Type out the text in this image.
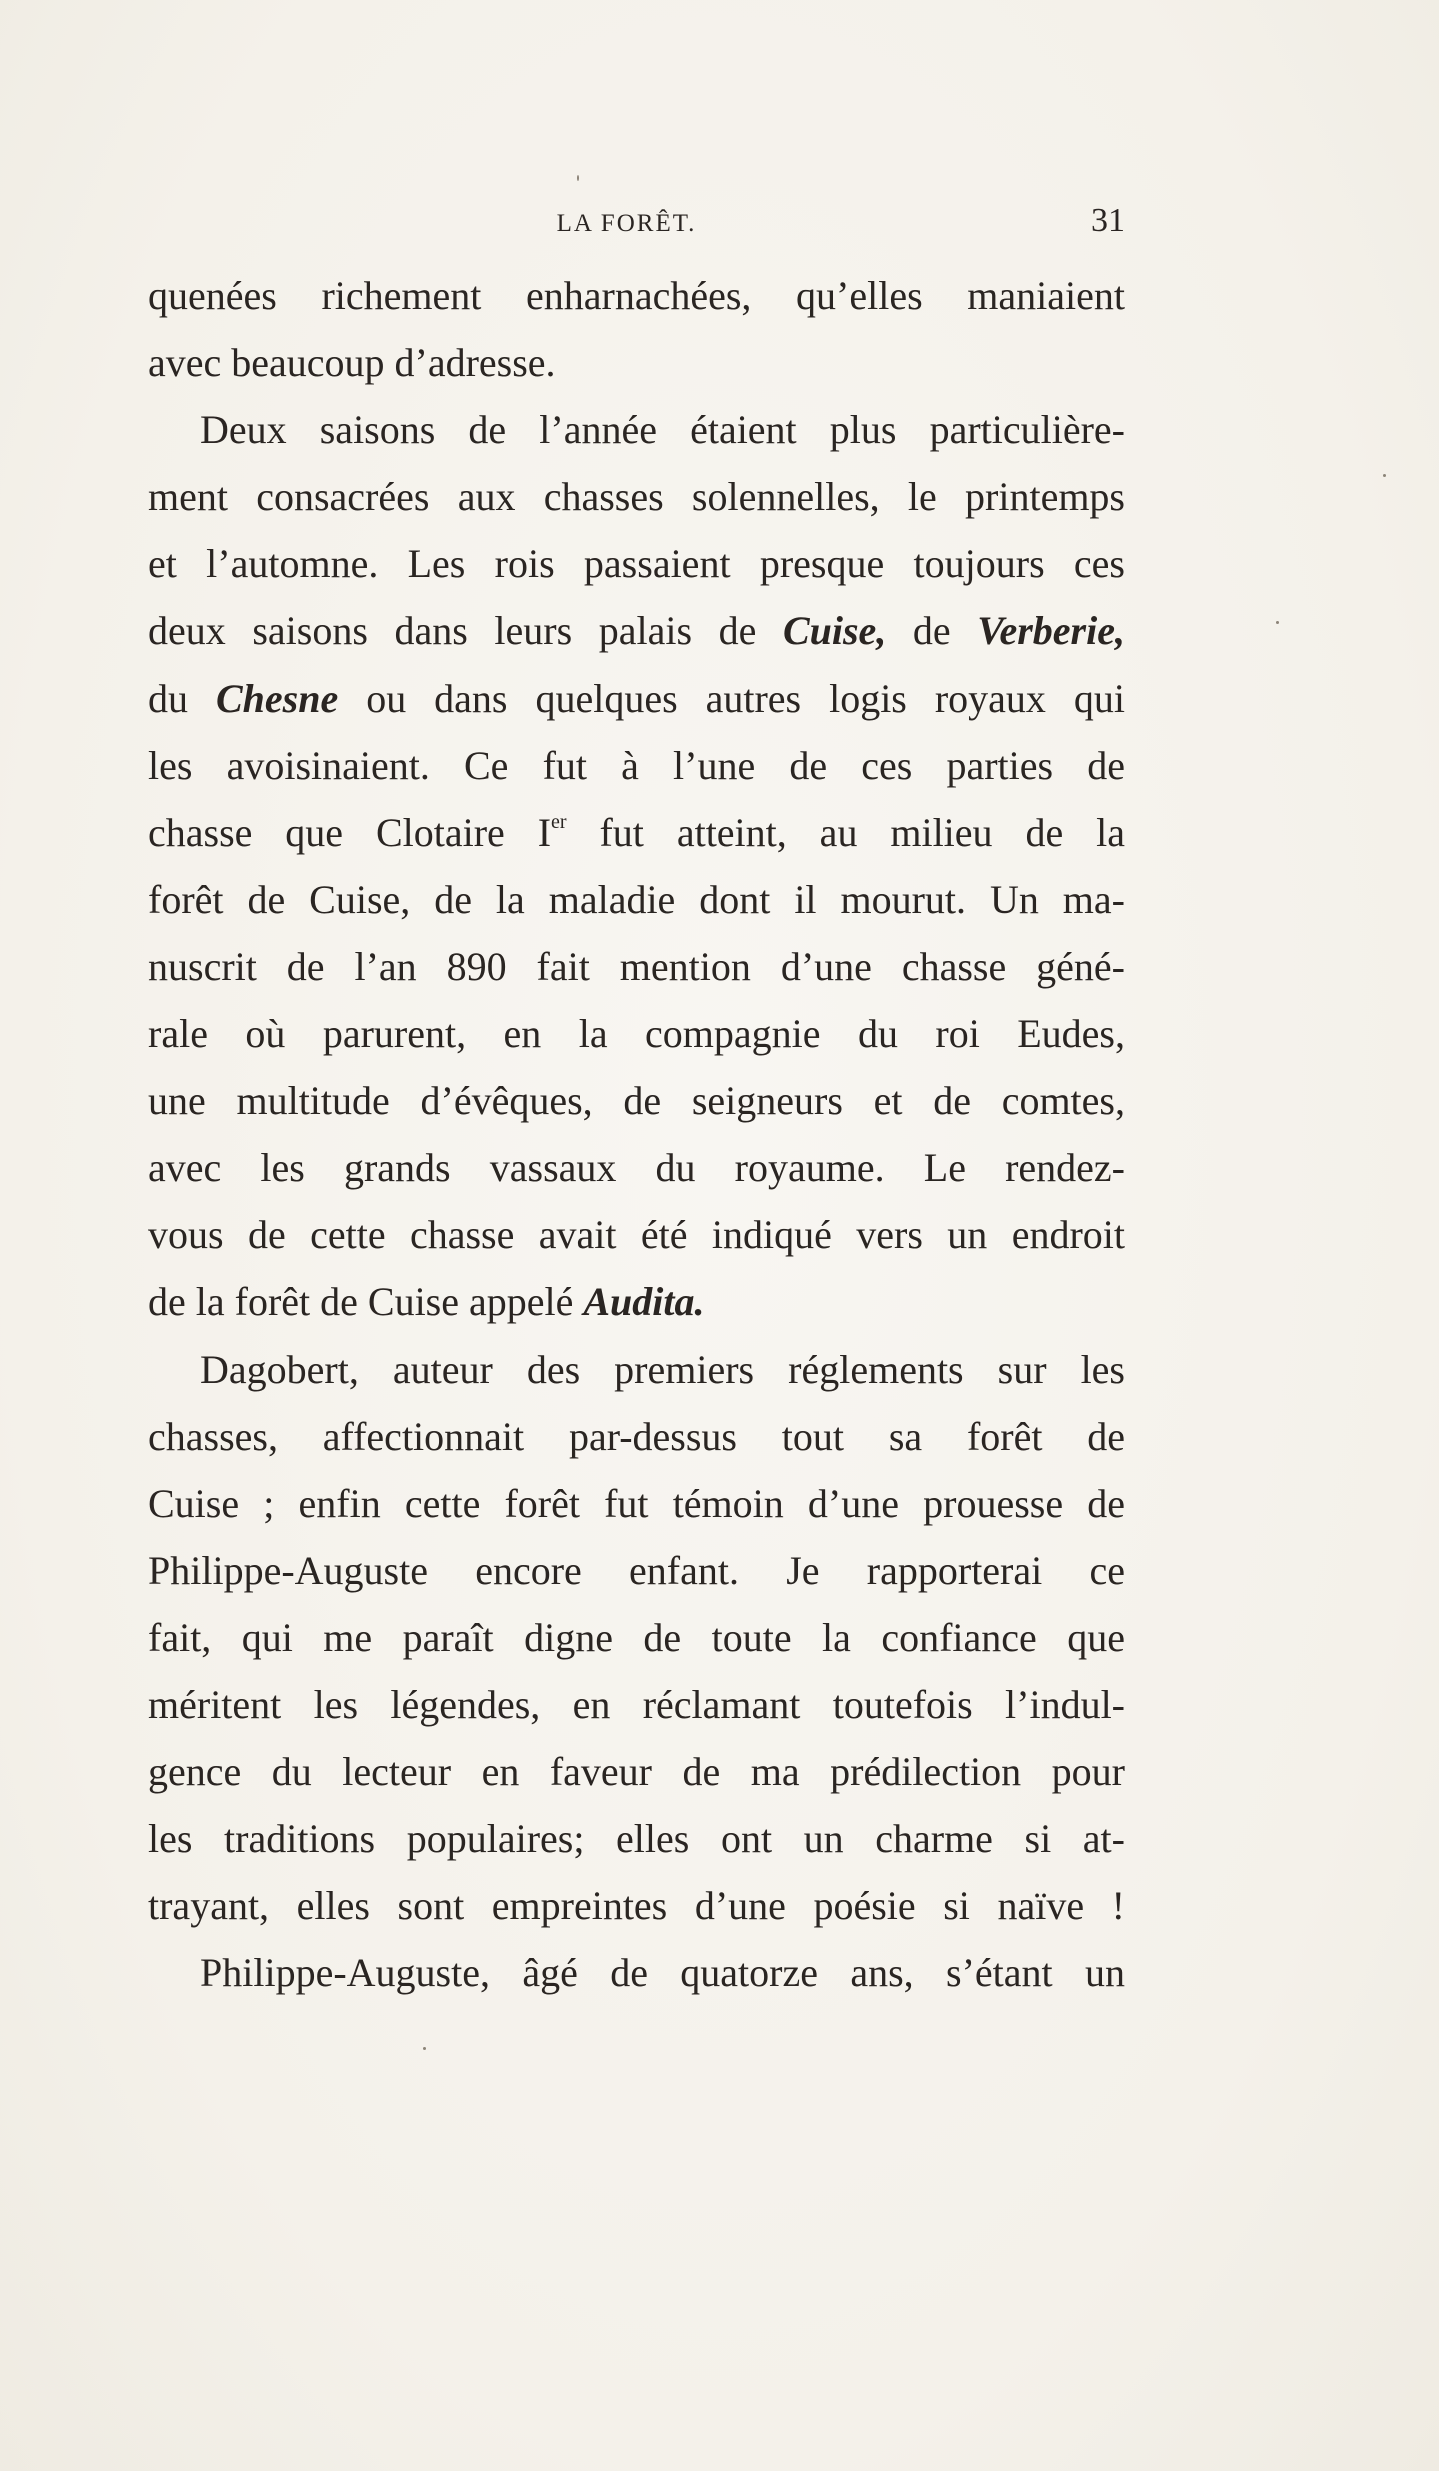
LA FORÊT.	31
quenées richement enharnachées, qu’elles maniaient
avec beaucoup d’adresse.
Deux saisons de l’année étaient plus particulière-
ment consacrées aux chasses solennelles, le printemps
et l’automne. Les rois passaient presque toujours ces
deux saisons dans leurs palais de Cuise, de Verberie,
du Chesne ou dans quelques autres logis royaux qui
les avoisinaient. Ce fut à l’une de ces parties de
chasse que Clotaire Ier fut atteint, au milieu de la
forêt de Cuise, de la maladie dont il mourut. Un ma-
nuscrit de l’an 890 fait mention d’une chasse géné-
rale où parurent, en la compagnie du roi Eudes,
une multitude d’évêques, de seigneurs et de comtes,
avec les grands vassaux du royaume. Le rendez-
vous de cette chasse avait été indiqué vers un endroit
de la forêt de Cuise appelé Audita.
Dagobert, auteur des premiers réglements sur les
chasses, affectionnait par-dessus tout sa forêt de
Cuise ; enfin cette forêt fut témoin d’une prouesse de
Philippe-Auguste encore enfant. Je rapporterai ce
fait, qui me paraît digne de toute la confiance que
méritent les légendes, en réclamant toutefois l’indul-
gence du lecteur en faveur de ma prédilection pour
les traditions populaires; elles ont un charme si at-
trayant, elles sont empreintes d’une poésie si naïve !
Philippe-Auguste, âgé de quatorze ans, s’étant un
